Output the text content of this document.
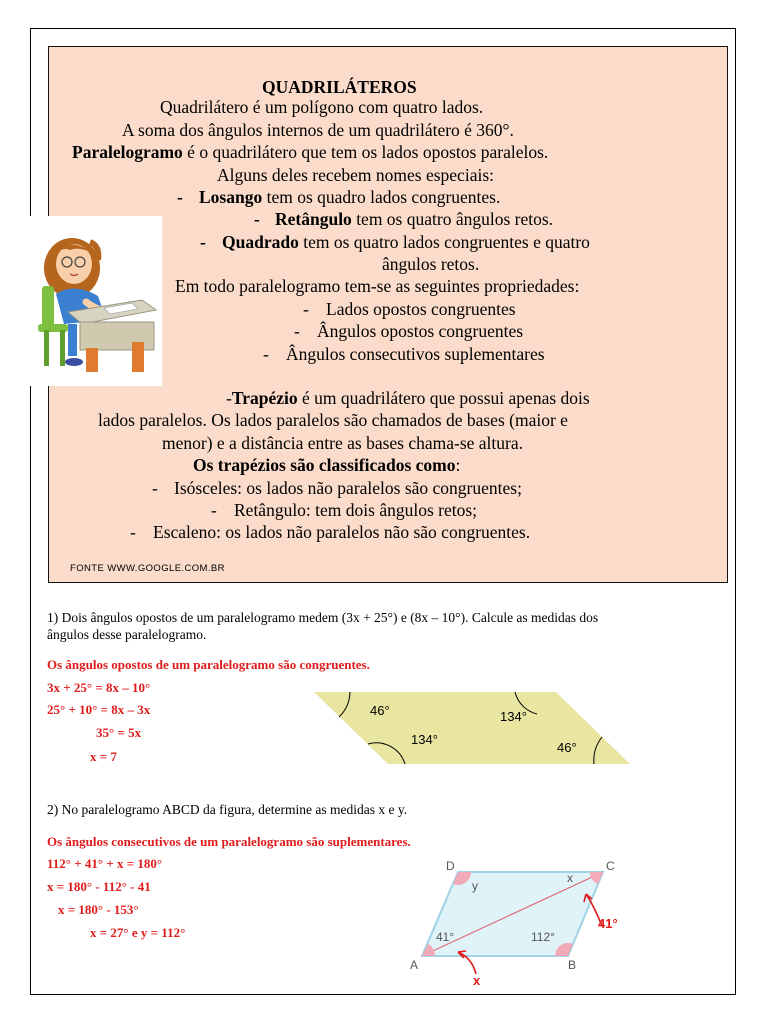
QUADRILÁTEROS
Quadrilátero é um polígono com quatro lados.
A soma dos ângulos internos de um quadrilátero é 360°.
Paralelogramo é o quadrilátero que tem os lados opostos paralelos.
Alguns deles recebem nomes especiais:
- Losango tem os quadro lados congruentes.
- Retângulo tem os quatro ângulos retos.
- Quadrado tem os quatro lados congruentes e quatro
ângulos retos.
Em todo paralelogramo tem-se as seguintes propriedades:
- Lados opostos congruentes
- Ângulos opostos congruentes
- Ângulos consecutivos suplementares
-Trapézio é um quadrilátero que possui apenas dois
lados paralelos. Os lados paralelos são chamados de bases (maior e
menor) e a distância entre as bases chama-se altura.
Os trapézios são classificados como:
- Isósceles: os lados não paralelos são congruentes;
- Retângulo: tem dois ângulos retos;
- Escaleno: os lados não paralelos não são congruentes.
FONTE WWW.GOOGLE.COM.BR
1) Dois ângulos opostos de um paralelogramo medem (3x + 25°) e (8x – 10°). Calcule as medidas dos
ângulos desse paralelogramo.
Os ângulos opostos de um paralelogramo são congruentes.
3x + 25° = 8x – 10°
25° + 10° = 8x – 3x
35° = 5x
x = 7
46°	134°
134°
46°
2) No paralelogramo ABCD da figura, determine as medidas x e y.
Os ângulos consecutivos de um paralelogramo são suplementares.
112° + 41° + x = 180°
x = 180° - 112° - 41
x = 180° - 153°
x = 27° e y = 112°
A	B
C
D
y
x
41°	112°
41°
x
